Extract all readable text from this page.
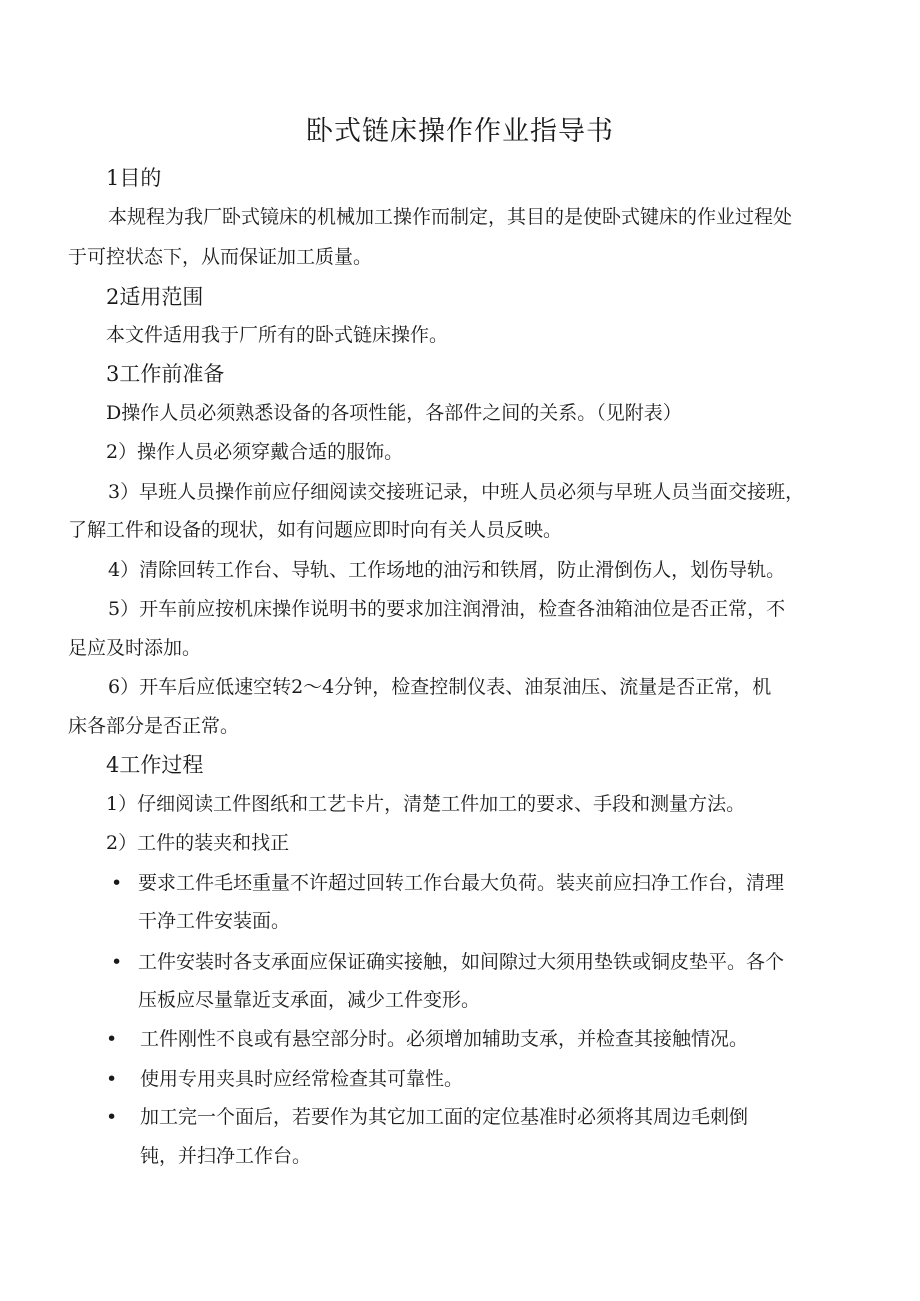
卧式链床操作作业指导书
1目的
本规程为我厂卧式镜床的机械加工操作而制定，其目的是使卧式键床的作业过程处
于可控状态下，从而保证加工质量。
2适用范围
本文件适用我于厂所有的卧式链床操作。
3工作前准备
D操作人员必须熟悉设备的各项性能，各部件之间的关系。（见附表）
2）操作人员必须穿戴合适的服饰。
3）早班人员操作前应仔细阅读交接班记录，中班人员必须与早班人员当面交接班，
了解工件和设备的现状，如有问题应即时向有关人员反映。
4）清除回转工作台、导轨、工作场地的油污和铁屑，防止滑倒伤人，划伤导轨。
5）开车前应按机床操作说明书的要求加注润滑油，检查各油箱油位是否正常，不
足应及时添加。
6）开车后应低速空转2～4分钟，检查控制仪表、油泵油压、流量是否正常，机
床各部分是否正常。
4工作过程
1）仔细阅读工件图纸和工艺卡片，清楚工件加工的要求、手段和测量方法。
2）工件的装夹和找正
• 要求工件毛坯重量不许超过回转工作台最大负荷。装夹前应扫净工作台，清理
干净工件安装面。
• 工件安装时各支承面应保证确实接触，如间隙过大须用垫铁或铜皮垫平。各个
压板应尽量靠近支承面，减少工件变形。
• 工件刚性不良或有悬空部分时。必须增加辅助支承，并检查其接触情况。
• 使用专用夹具时应经常检查其可靠性。
• 加工完一个面后，若要作为其它加工面的定位基准时必须将其周边毛刺倒
钝，并扫净工作台。
